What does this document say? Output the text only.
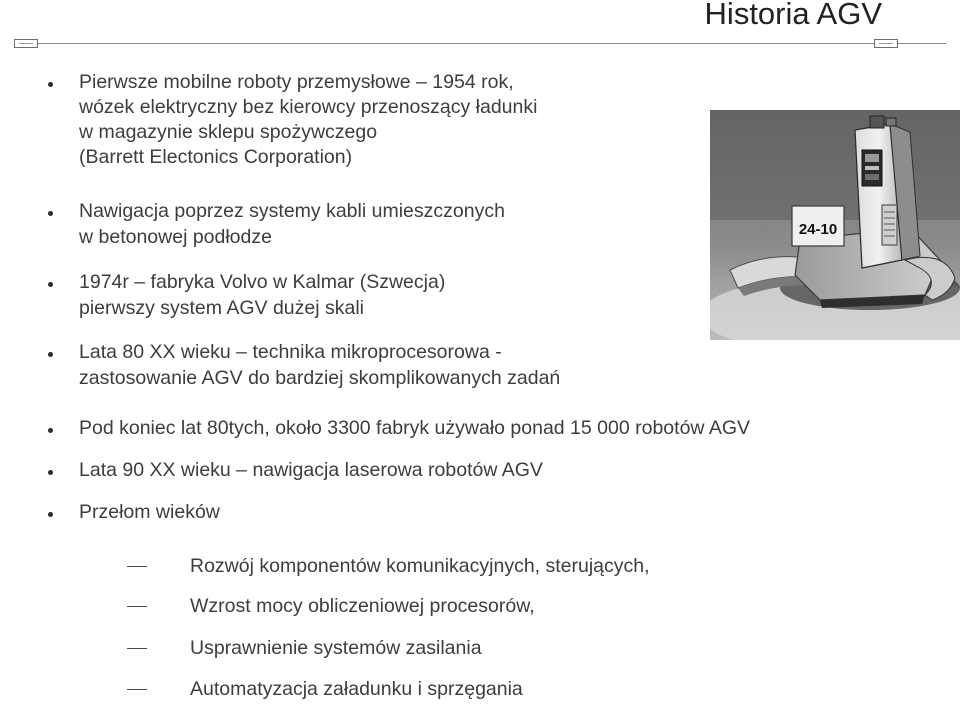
Historia AGV
Pierwsze mobilne roboty przemysłowe – 1954 rok,
wózek elektryczny bez kierowcy przenoszący ładunki
w magazynie sklepu spożywczego
(Barrett Electonics Corporation)
Nawigacja poprzez systemy kabli umieszczonych
w betonowej podłodze
1974r – fabryka Volvo w Kalmar (Szwecja)
pierwszy system AGV dużej skali
Lata 80 XX wieku – technika mikroprocesorowa -
zastosowanie AGV do bardziej skomplikowanych zadań
Pod koniec lat 80tych, około 3300 fabryk używało ponad 15 000 robotów AGV
Lata 90 XX wieku – nawigacja laserowa robotów AGV
Przełom wieków
Rozwój komponentów komunikacyjnych, sterujących,
Wzrost mocy obliczeniowej procesorów,
Usprawnienie systemów zasilania
Automatyzacja załadunku i sprzęgania
24-10
